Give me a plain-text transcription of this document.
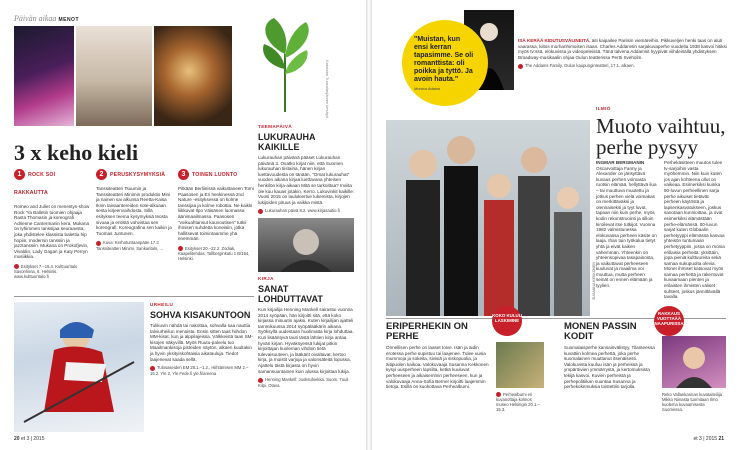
Päivän aikaa MENOT
Katotaan Tuusulanjärven kesäyö
3 x keho kieli
1 ROCK SOI RAKKAUTTA
Romeo and Juliet on menestys-show Rock 'Ya Balletin tuomien ohjaaja Rasta Thomasin ja koreografi Adrienne Cantermanin kera. Mukana on lyhimmen tanssijaa seuraavsta, joka yhdistelee klassista balettia hip hopiin, modernin tanssiin ja jazztanssiin. Mukana on Prokofjevin, Vivaldin, Lady Gagan ja Katy Perryn musiikkia.
Esitykset 7.–15.4. Kulttuuritalo Savonlinna, 6. Helsinki. www.kulttuuritalo.fi
2 PERUSKYSYMYKSIÄ
Tanssiteatteri Tsuumin ja Tanssiteatteri Minimin produktio Mini ja nainen sai alkunsa Reetta-Kaisa Iknin taivaantereiden sote-alkuaan sesta kirjeenvaihdosta. Sillä esityksen teema kysymyksiä teosta sivuaa ja entistä vahvistaa sen koreografi. Koreografina sen kaikin ja Tuomas Juntunen.
Kuva: Kerhotuntaanpään 17.3 Tanssiteatteri Minimi, Sankaritalo, ...
3 TOINEN LUONTO
Pitkään Berliinissä vaikuttaneen Tomi Paasosen ja Eri henkinessä 2nd Nature -esityksessä on kolme tanssijaa ja kolme robottia. Ne kaikki liikkuvat Ilpo Väisänen luomassa äänimaailmassa. Paasosen "voikuahtansut kaunoutisen" tutkii ihmisen suhdetta koneisiin, jotka hallitsevat toimintaamme yhä enemmän.
Esitykset 20.–22.2. Zodiak, Kaapelitehdas, Tallberginkatu 1 B/154, Helsinki.
URHEILU
SOHVA KISAKUNTOON
Tulikuvin nähdä tai nakottaa, sohvalla saa nauttia talviurheilun menoista. Ensin sitten taas hiihdon MM-kisat, kun ja alppilajeissa. Välkkeistä taas SM-kisojen näkyvillä. Myös Ruutu-palvelu tuo Maailmankisoja pisteiden näytön, alkaen kuultakin ja hyvin yksityiskohtaisia aikatauluja. Tiedot laajenevat saada sellä.
Tulosaseiden EM 28.1.–1.2., Hiihtämisen MM 2.–15.2. Yle 2, Yle Fede.fi yle.fi/areena
TEEMAPÄIVÄ
LUKURAUHA KAIKILLE
Lukurauhan päivänä pääset Lukurauhan päivänä 3. Ovatko kirjat niin, että Suomen lukurauhan tiistaina, hänen kirjan luettavuudesta on tänään. "Omat lukurauhat" vuoden aikana kirjaa luettavana yhteisen henkilön kirja-aikaan Mitä se tarkoittaa? Inviita ole kuu kauas jotakin. Kerro. Lukuvinkit kaikille: Vuosi 2015 on laulukiertue lukemista, kirjojen lukijoiden pituus ja vaikka mistä.
Lukurauhan päivä 8.2. www.kirjasaatio.fi
KIRJA
SANAT LOHDUTTAVAT
Kun kirjailija Henning Mankell sairastui vuonna 2014 syöpään, hän kirjoitti sitä, että koko kirjassa minuutin ajaksi. Kuten kirjailijan ajatteli tammikuussa 2014 syöpälääkärin aikana. Syöksyllä uudestaan huolimatta kirja lohduttaa. Kun lisääntyvä tauti tästä lähtien kirja antaa hyvän kirjan. Hyväksyessä lukijat pitkin kirjoittajan kuoleman vihdoin tietä tulevaisuuteen, ja lääkärit oivaltavat, kertoo kirja, ja muistit varjoja ja valonsäteitä lopussa. Ajattelu tästä kirjasta on hyvin samansuuntainen kuin alussa kirjoittaa lukija.
Henning Mankell: Juoksuhiekka. Suom. Tuuli Kilpi. Otava.
20 et 3 | 2015
ISÄ KERÄÄ KIDUTUSVÄLINEITÄ, äiti kaipailee Pariisin viemäreihin. Pikkuveljen henki taas on aluti vaarassa, kiitos murhanhimoisen isaan. Charles Addamsin sarjakuvaperhe vuodelta 1938 kasvoi hitiksi myös tv:ssä, elokuvissa ja videopeleissä. Tänä talvena Addamsit hyypivät viihdeisällä yhdistyksen Broadway-musikaalin ohjaa Oulun teatterissa Pertti Sveholm.
The Addams Family, Oulun kaupunginteatteri, 17.1. alkaen.
SUSANNA KEKKONEN
ILMIÖ
Muoto vaihtuu, perhe pysyy
INGMAR BERGMANIN Oscarvoittaja Fanny ja Alexander on järisyttävä kuvaus perhen voimasta ruotsin elämää, hellyttävä ilua – tai muuttuva muutettu ja jotkus perhen vielä voimakas on merkittäväksi ja olennaiseksi ja tyyt luvut, tapaan niin kuin perhe, myös kodin rekonstruointi ja silloin kiroilevat itse tutkijot. Vuonna 1982 valmistunessa elokuvassa perheen käsite on laaja. Ihan tuin työkalua tietyt yhtä ja eivät kaiken vähemmän. Yhteenkin on yhteensopivaa tasapainosta, ja vaikuttavat perheeseen kuuluvat ja maailma voi muuttua, mutta perheen seinät on ennen elämään ja tyylien.
Perhekäsitteen muutos tulee tv-sarjoihin vasta myöhemmin. Niin kuin kuten jos ajan kohteena ollut on vaikeaa. Esimerkiksi kuinka 90-luvun perheellinen sarja perhe aikuiset tietävät perheen käytöstä ja lapsenkasvatukseen, joskus sanotaan kunnioittaa, ja ovat esimerkiksi elämästään perhe-elämänsä. 00-luvun sarjat kuten Globaalin perhetyyppi elämässä kasvaa yhteisön tuntumaan perhetyyppiin, jossa on monia erillaisia perheitä: yksittäin, jopa pieniä kulttuureita sekä samaa sukupuolta olevia. Monet ihmiset katsovat myös samaa perhettä ja rakentuvat kuvaamaan pienten ja erilaisten ihmisten väliset suhteet, joskus jännittävällä tavalla.
ERIPERHEKIN ON PERHE
Onnellisen perhe on laaset toive. Isän ja äidin erotessa perhe supistuu tai laajenee. Tulee uusia mummoja ja sokeita, sivisiä ja siskopuolia, ja äitipuolen kaikoa. Valokuvaaja Susanna Kekkonen kysyi uusperheen lapsilta, ketkä kuuluvat perheeseen ja aikaisemmin perheeseen, kun ja valokuvaaja Anna-Sofia Berner kirjoitti laajemmin tietoja. Esillä on kuokottava Perhealbumi.
KOKO KULUU LASKIMINE
Perhealbumi eri kuvanottaja kolmos museo Helsingin 20.1.–15.3.
MONEN PASSIN KODIT
Suomalaisperhe kansainvälistyy. Tilanteessa kuvattiin kolmea perhettä, joka perhe suomalainen muuttanut itsenäisesti. Valokuvista kuuluu isän ja perheissä ja ympäröivien ymmärrystä, ja kertomuksista tekijä kasvoi. Kuvien perheistä ja perhepolitiikan suuntaa Susanna ja perhekokemuksia toistettiin tarjolla.
RAKKAUS VUOTTAÄÄ NAAPURISSA
Reko Vallankannan kuvataiteilija Mikko Niinasta tuomitaan Ilmo kuolema kuvaamisesta Suomessa.
et 3 | 2015 21
"Muistan, kun ensi kerran tapasimme. Se oli romanttista: oli poikka ja tyttö. Ja avoin hauta."
Monica Adams
